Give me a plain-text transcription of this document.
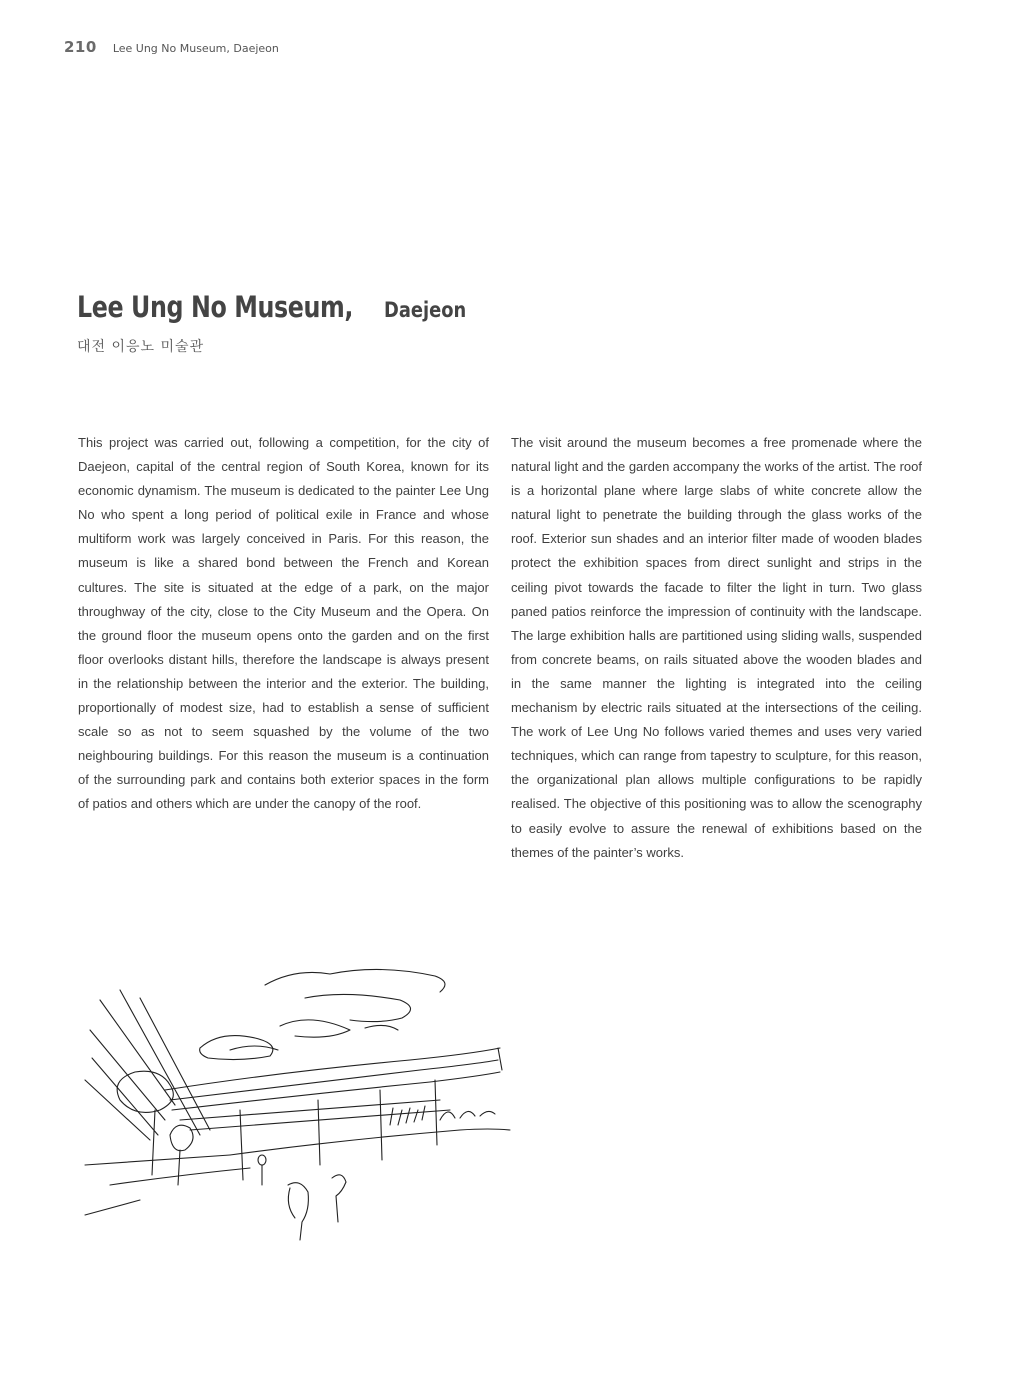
210 Lee Ung No Museum, Daejeon
Lee Ung No Museum, Daejeon
대전 이응노 미술관

This project was carried out, following a competition, for the city of Daejeon, capital of the central region of South Korea, known for its economic dynamism. The museum is dedicated to the painter Lee Ung No who spent a long period of political exile in France and whose multiform work was largely conceived in Paris. For this reason, the museum is like a shared bond between the French and Korean cultures. The site is situated at the edge of a park, on the major throughway of the city, close to the City Museum and the Opera. On the ground floor the museum opens onto the garden and on the first floor overlooks distant hills, therefore the landscape is always present in the relationship between the interior and the exterior. The building, proportionally of modest size, had to establish a sense of sufficient scale so as not to seem squashed by the volume of the two neighbouring buildings. For this reason the museum is a continuation of the surrounding park and contains both exterior spaces in the form of patios and others which are under the canopy of the roof.

The visit around the museum becomes a free promenade where the natural light and the garden accompany the works of the artist. The roof is a horizontal plane where large slabs of white concrete allow the natural light to penetrate the building through the glass works of the roof. Exterior sun shades and an interior filter made of wooden blades protect the exhibition spaces from direct sunlight and strips in the ceiling pivot towards the facade to filter the light in turn. Two glass paned patios reinforce the impression of continuity with the landscape. The large exhibition halls are partitioned using sliding walls, suspended from concrete beams, on rails situated above the wooden blades and in the same manner the lighting is integrated into the ceiling mechanism by electric rails situated at the intersections of the ceiling. The work of Lee Ung No follows varied themes and uses very varied techniques, which can range from tapestry to sculpture, for this reason, the organizational plan allows multiple configurations to be rapidly realised. The objective of this positioning was to allow the scenography to easily evolve to assure the renewal of exhibitions based on the themes of the painter’s works.
